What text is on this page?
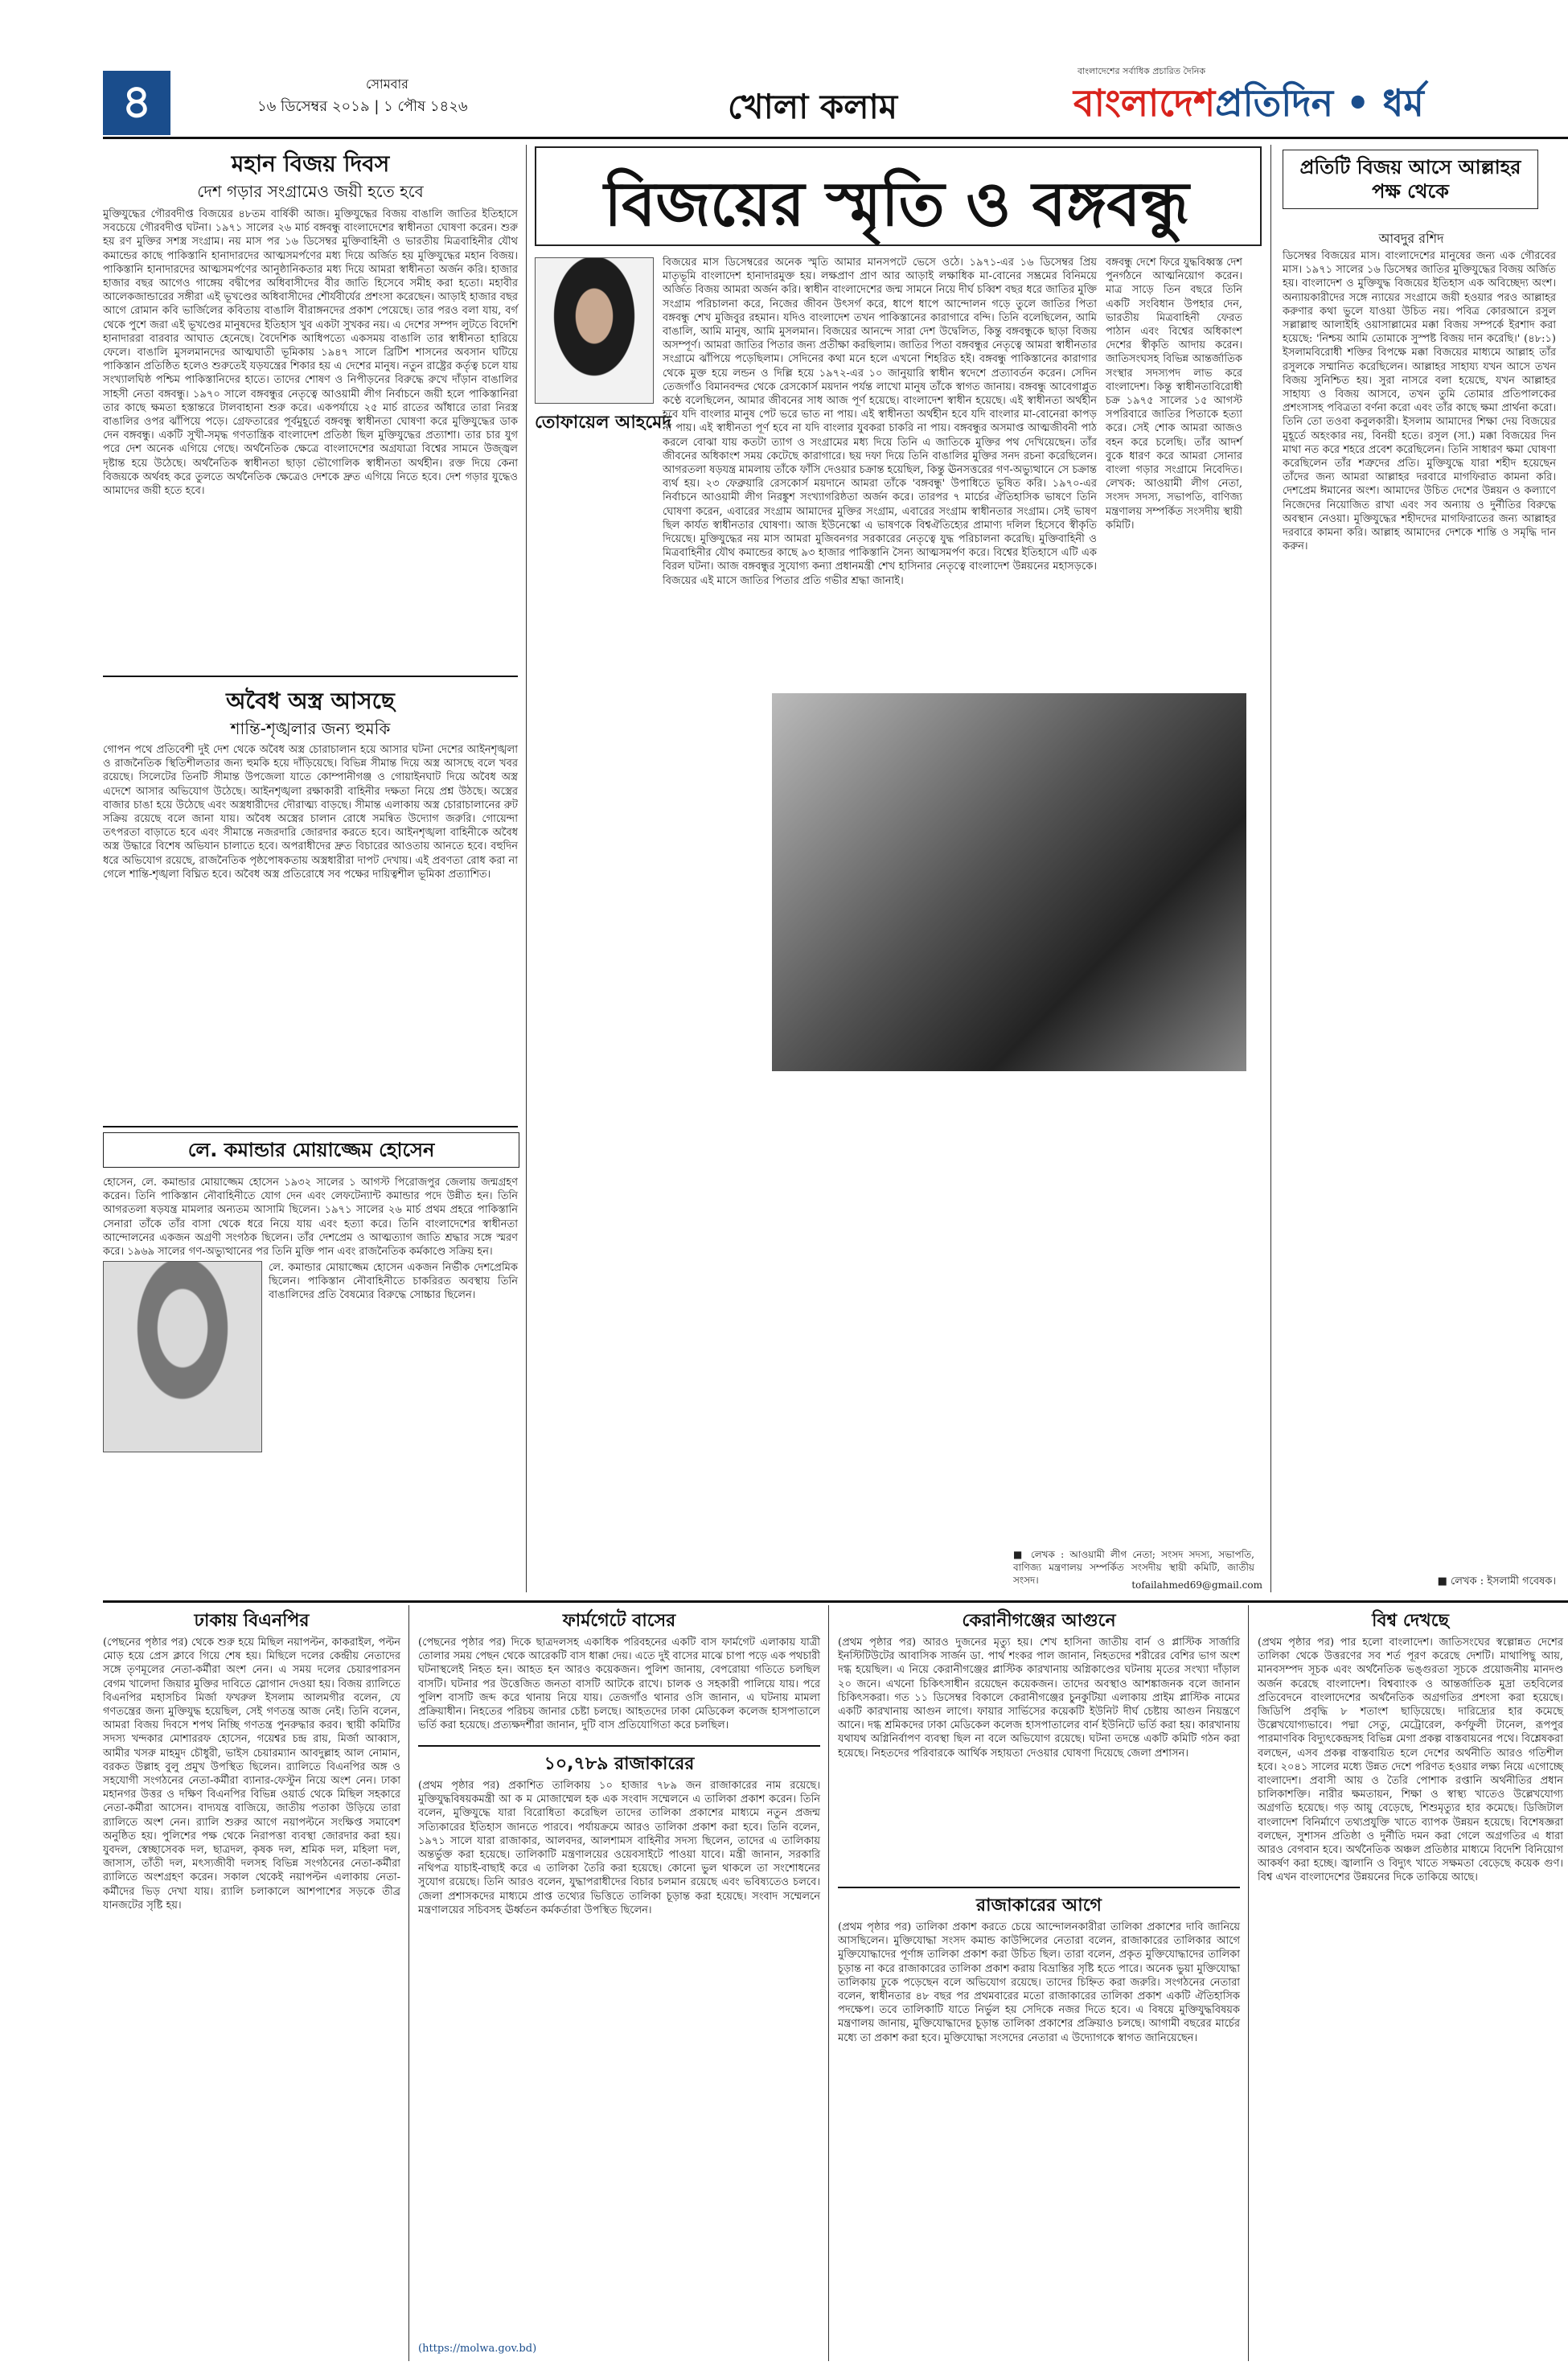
৪	সোমবার
১৬ ডিসেম্বর ২০১৯ | ১ পৌষ ১৪২৬	খোলা কলাম
বাংলাদেশের সর্বাধিক প্রচারিত দৈনিক
বাংলাদেশপ্রতিদিন • ধর্ম
মহান বিজয় দিবস
দেশ গড়ার সংগ্রামেও জয়ী হতে হবে
মুক্তিযুদ্ধের গৌরবদীপ্ত বিজয়ের ৪৮তম বার্ষিকী আজ। মুক্তিযুদ্ধের বিজয় বাঙালি জাতির ইতিহাসে সবচেয়ে গৌরবদীপ্ত ঘটনা। ১৯৭১ সালের ২৬ মার্চ বঙ্গবন্ধু বাংলাদেশের স্বাধীনতা ঘোষণা করেন। শুরু হয় রণ মুক্তির সশস্ত্র সংগ্রাম। নয় মাস পর ১৬ ডিসেম্বর মুক্তিবাহিনী ও ভারতীয় মিত্রবাহিনীর যৌথ কমান্ডের কাছে পাকিস্তানি হানাদারদের আত্মসমর্পণের মধ্য দিয়ে অর্জিত হয় মুক্তিযুদ্ধের মহান বিজয়। পাকিস্তানি হানাদারদের আত্মসমর্পণের আনুষ্ঠানিকতার মধ্য দিয়ে আমরা স্বাধীনতা অর্জন করি। হাজার হাজার বছর আগেও গাঙ্গেয় বদ্বীপের অধিবাসীদের বীর জাতি হিসেবে সমীহ করা হতো। মহাবীর আলেকজান্ডারের সঙ্গীরা এই ভূখণ্ডের অধিবাসীদের শৌর্যবীর্যের প্রশংসা করেছেন। আড়াই হাজার বছর আগে রোমান কবি ভার্জিলের কবিতায় বাঙালি বীরাঙ্গনদের প্রকাশ পেয়েছে। তার পরও বলা যায়, বর্গ থেকে পুশে জরা এই ভূখণ্ডের মানুষদের ইতিহাস খুব একটা সুখকর নয়। এ দেশের সম্পদ লুটতে বিদেশি হানাদাররা বারবার আঘাত হেনেছে। বৈদেশিক আধিপত্যে একসময় বাঙালি তার স্বাধীনতা হারিয়ে ফেলে। বাঙালি মুসলমানদের আত্মঘাতী ভূমিকায় ১৯৪৭ সালে ব্রিটিশ শাসনের অবসান ঘটিয়ে পাকিস্তান প্রতিষ্ঠিত হলেও শুরুতেই যড়যন্ত্রের শিকার হয় এ দেশের মানুষ। নতুন রাষ্ট্রের কর্তৃত্ব চলে যায় সংখ্যালঘিষ্ঠ পশ্চিম পাকিস্তানিদের হাতে। তাদের শোষণ ও নিপীড়নের বিরুদ্ধে রুখে দাঁড়ান বাঙালির সাহসী নেতা বঙ্গবন্ধু। ১৯৭০ সালে বঙ্গবন্ধুর নেতৃত্বে আওয়ামী লীগ নির্বাচনে জয়ী হলে পাকিস্তানিরা তার কাছে ক্ষমতা হস্তান্তরে টালবাহানা শুরু করে। একপর্যায়ে ২৫ মার্চ রাতের আঁধারে তারা নিরস্ত্র বাঙালির ওপর ঝাঁপিয়ে পড়ে। গ্রেফতারের পূর্বমুহূর্তে বঙ্গবন্ধু স্বাধীনতা ঘোষণা করে মুক্তিযুদ্ধের ডাক দেন বঙ্গবন্ধু। একটি সুখী-সমৃদ্ধ গণতান্ত্রিক বাংলাদেশ প্রতিষ্ঠা ছিল মুক্তিযুদ্ধের প্রত্যাশা। তার চার যুগ পরে দেশ অনেক এগিয়ে গেছে। অর্থনৈতিক ক্ষেত্রে বাংলাদেশের অগ্রযাত্রা বিশ্বের সামনে উজ্জ্বল দৃষ্টান্ত হয়ে উঠেছে। অর্থনৈতিক স্বাধীনতা ছাড়া ভৌগোলিক স্বাধীনতা অর্থহীন। রক্ত দিয়ে কেনা বিজয়কে অর্থবহ করে তুলতে অর্থনৈতিক ক্ষেত্রেও দেশকে দ্রুত এগিয়ে নিতে হবে। দেশ গড়ার যুদ্ধেও আমাদের জয়ী হতে হবে।
অবৈধ অস্ত্র আসছে
শান্তি-শৃঙ্খলার জন্য হুমকি
গোপন পথে প্রতিবেশী দুই দেশ থেকে অবৈধ অস্ত্র চোরাচালান হয়ে আসার ঘটনা দেশের আইনশৃঙ্খলা ও রাজনৈতিক স্থিতিশীলতার জন্য হুমকি হয়ে দাঁড়িয়েছে। বিভিন্ন সীমান্ত দিয়ে অস্ত্র আসছে বলে খবর রয়েছে। সিলেটের তিনটি সীমান্ত উপজেলা যাতে কোম্পানীগঞ্জ ও গোয়াইনঘাট দিয়ে অবৈধ অস্ত্র এদেশে আসার অভিযোগ উঠেছে। আইনশৃঙ্খলা রক্ষাকারী বাহিনীর দক্ষতা নিয়ে প্রশ্ন উঠছে। অস্ত্রের বাজার চাঙা হয়ে উঠেছে এবং অস্ত্রধারীদের দৌরাত্ম্য বাড়ছে। সীমান্ত এলাকায় অস্ত্র চোরাচালানের রুট সক্রিয় রয়েছে বলে জানা যায়। অবৈধ অস্ত্রের চালান রোধে সমন্বিত উদ্যোগ জরুরি। গোয়েন্দা তৎপরতা বাড়াতে হবে এবং সীমান্তে নজরদারি জোরদার করতে হবে। আইনশৃঙ্খলা বাহিনীকে অবৈধ অস্ত্র উদ্ধারে বিশেষ অভিযান চালাতে হবে। অপরাধীদের দ্রুত বিচারের আওতায় আনতে হবে। বহুদিন ধরে অভিযোগ রয়েছে, রাজনৈতিক পৃষ্ঠপোষকতায় অস্ত্রধারীরা দাপট দেখায়। এই প্রবণতা রোধ করা না গেলে শান্তি-শৃঙ্খলা বিঘ্নিত হবে। অবৈধ অস্ত্র প্রতিরোধে সব পক্ষের দায়িত্বশীল ভূমিকা প্রত্যাশিত।
লে. কমান্ডার মোয়াজ্জেম হোসেন
হোসেন, লে. কমান্ডার মোয়াজ্জেম হোসেন ১৯৩২ সালের ১ আগস্ট পিরোজপুর জেলায় জন্মগ্রহণ করেন। তিনি পাকিস্তান নৌবাহিনীতে যোগ দেন এবং লেফটেন্যান্ট কমান্ডার পদে উন্নীত হন। তিনি আগরতলা ষড়যন্ত্র মামলার অন্যতম আসামি ছিলেন। ১৯৭১ সালের ২৬ মার্চ প্রথম প্রহরে পাকিস্তানি সেনারা তাঁকে তাঁর বাসা থেকে ধরে নিয়ে যায় এবং হত্যা করে। তিনি বাংলাদেশের স্বাধীনতা আন্দোলনের একজন অগ্রণী সংগঠক ছিলেন। তাঁর দেশপ্রেম ও আত্মত্যাগ জাতি শ্রদ্ধার সঙ্গে স্মরণ করে। ১৯৬৯ সালের গণ-অভ্যুত্থানের পর তিনি মুক্তি পান এবং রাজনৈতিক কর্মকাণ্ডে সক্রিয় হন।
লে. কমান্ডার মোয়াজ্জেম হোসেন একজন নির্ভীক দেশপ্রেমিক ছিলেন। পাকিস্তান নৌবাহিনীতে চাকরিরত অবস্থায় তিনি বাঙালিদের প্রতি বৈষম্যের বিরুদ্ধে সোচ্চার ছিলেন।
বিজয়ের স্মৃতি ও বঙ্গবন্ধু
তোফায়েল আহমেদ
বিজয়ের মাস ডিসেম্বরের অনেক স্মৃতি আমার মানসপটে ভেসে ওঠে। ১৯৭১-এর ১৬ ডিসেম্বর প্রিয় মাতৃভূমি বাংলাদেশ হানাদারমুক্ত হয়। লক্ষপ্রাণ প্রাণ আর আড়াই লক্ষাধিক মা-বোনের সম্ভ্রমের বিনিময়ে অর্জিত বিজয় আমরা অর্জন করি। স্বাধীন বাংলাদেশের জন্ম সামনে নিয়ে দীর্ঘ চব্বিশ বছর ধরে জাতির মুক্তি সংগ্রাম পরিচালনা করে, নিজের জীবন উৎসর্গ করে, ধাপে ধাপে আন্দোলন গড়ে তুলে জাতির পিতা বঙ্গবন্ধু শেখ মুজিবুর রহমান। যদিও বাংলাদেশ তখন পাকিস্তানের কারাগারে বন্দি। তিনি বলেছিলেন, আমি বাঙালি, আমি মানুষ, আমি মুসলমান। বিজয়ের আনন্দে সারা দেশ উদ্বেলিত, কিন্তু বঙ্গবন্ধুকে ছাড়া বিজয় অসম্পূর্ণ। আমরা জাতির পিতার জন্য প্রতীক্ষা করছিলাম। জাতির পিতা বঙ্গবন্ধুর নেতৃত্বে আমরা স্বাধীনতার সংগ্রামে ঝাঁপিয়ে পড়েছিলাম। সেদিনের কথা মনে হলে এখনো শিহরিত হই। বঙ্গবন্ধু পাকিস্তানের কারাগার থেকে মুক্ত হয়ে লন্ডন ও দিল্লি হয়ে ১৯৭২-এর ১০ জানুয়ারি স্বাধীন স্বদেশে প্রত্যাবর্তন করেন। সেদিন তেজগাঁও বিমানবন্দর থেকে রেসকোর্স ময়দান পর্যন্ত লাখো মানুষ তাঁকে স্বাগত জানায়। বঙ্গবন্ধু আবেগাপ্লুত কণ্ঠে বলেছিলেন, আমার জীবনের সাধ আজ পূর্ণ হয়েছে। বাংলাদেশ স্বাধীন হয়েছে। এই স্বাধীনতা অর্থহীন হবে যদি বাংলার মানুষ পেট ভরে ভাত না পায়। এই স্বাধীনতা অর্থহীন হবে যদি বাংলার মা-বোনেরা কাপড় না পায়। এই স্বাধীনতা পূর্ণ হবে না যদি বাংলার যুবকরা চাকরি না পায়। বঙ্গবন্ধুর অসমাপ্ত আত্মজীবনী পাঠ করলে বোঝা যায় কতটা ত্যাগ ও সংগ্রামের মধ্য দিয়ে তিনি এ জাতিকে মুক্তির পথ দেখিয়েছেন। তাঁর জীবনের অধিকাংশ সময় কেটেছে কারাগারে। ছয় দফা দিয়ে তিনি বাঙালির মুক্তির সনদ রচনা করেছিলেন। আগরতলা ষড়যন্ত্র মামলায় তাঁকে ফাঁসি দেওয়ার চক্রান্ত হয়েছিল, কিন্তু ঊনসত্তরের গণ-অভ্যুত্থানে সে চক্রান্ত ব্যর্থ হয়। ২৩ ফেব্রুয়ারি রেসকোর্স ময়দানে আমরা তাঁকে 'বঙ্গবন্ধু' উপাধিতে ভূষিত করি। ১৯৭০-এর নির্বাচনে আওয়ামী লীগ নিরঙ্কুশ সংখ্যাগরিষ্ঠতা অর্জন করে। তারপর ৭ মার্চের ঐতিহাসিক ভাষণে তিনি ঘোষণা করেন, এবারের সংগ্রাম আমাদের মুক্তির সংগ্রাম, এবারের সংগ্রাম স্বাধীনতার সংগ্রাম। সেই ভাষণ ছিল কার্যত স্বাধীনতার ঘোষণা। আজ ইউনেস্কো এ ভাষণকে বিশ্বঐতিহ্যের প্রামাণ্য দলিল হিসেবে স্বীকৃতি দিয়েছে। মুক্তিযুদ্ধের নয় মাস আমরা মুজিবনগর সরকারের নেতৃত্বে যুদ্ধ পরিচালনা করেছি। মুক্তিবাহিনী ও মিত্রবাহিনীর যৌথ কমান্ডের কাছে ৯৩ হাজার পাকিস্তানি সৈন্য আত্মসমর্পণ করে। বিশ্বের ইতিহাসে এটি এক বিরল ঘটনা। আজ বঙ্গবন্ধুর সুযোগ্য কন্যা প্রধানমন্ত্রী শেখ হাসিনার নেতৃত্বে বাংলাদেশ উন্নয়নের মহাসড়কে। বিজয়ের এই মাসে জাতির পিতার প্রতি গভীর শ্রদ্ধা জানাই।
বঙ্গবন্ধু দেশে ফিরে যুদ্ধবিধ্বস্ত দেশ পুনর্গঠনে আত্মনিয়োগ করেন। মাত্র সাড়ে তিন বছরে তিনি একটি সংবিধান উপহার দেন, ভারতীয় মিত্রবাহিনী ফেরত পাঠান এবং বিশ্বের অধিকাংশ দেশের স্বীকৃতি আদায় করেন। জাতিসংঘসহ বিভিন্ন আন্তর্জাতিক সংস্থার সদস্যপদ লাভ করে বাংলাদেশ। কিন্তু স্বাধীনতাবিরোধী চক্র ১৯৭৫ সালের ১৫ আগস্ট সপরিবারে জাতির পিতাকে হত্যা করে। সেই শোক আমরা আজও বহন করে চলেছি। তাঁর আদর্শ বুকে ধারণ করে আমরা সোনার বাংলা গড়ার সংগ্রামে নিবেদিত। লেখক: আওয়ামী লীগ নেতা, সংসদ সদস্য, সভাপতি, বাণিজ্য মন্ত্রণালয় সম্পর্কিত সংসদীয় স্থায়ী কমিটি।
■ লেখক : আওয়ামী লীগ নেতা; সংসদ সদস্য, সভাপতি, বাণিজ্য মন্ত্রণালয় সম্পর্কিত সংসদীয় স্থায়ী কমিটি, জাতীয় সংসদ।	tofailahmed69@gmail.com
প্রতিটি বিজয় আসে আল্লাহর পক্ষ থেকে
আবদুর রশিদ
ডিসেম্বর বিজয়ের মাস। বাংলাদেশের মানুষের জন্য এক গৌরবের মাস। ১৯৭১ সালের ১৬ ডিসেম্বর জাতির মুক্তিযুদ্ধের বিজয় অর্জিত হয়। বাংলাদেশ ও মুক্তিযুদ্ধ বিজয়ের ইতিহাস এক অবিচ্ছেদ্য অংশ। অন্যায়কারীদের সঙ্গে ন্যায়ের সংগ্রামে জয়ী হওয়ার পরও আল্লাহর করুণার কথা ভুলে যাওয়া উচিত নয়। পবিত্র কোরআনে রসুল সল্লাল্লাহু আলাইহি ওয়াসাল্লামের মক্কা বিজয় সম্পর্কে ইরশাদ করা হয়েছে: 'নিশ্চয় আমি তোমাকে সুস্পষ্ট বিজয় দান করেছি।' (৪৮:১) ইসলামবিরোধী শক্তির বিপক্ষে মক্কা বিজয়ের মাধ্যমে আল্লাহ তাঁর রসুলকে সম্মানিত করেছিলেন। আল্লাহর সাহায্য যখন আসে তখন বিজয় সুনিশ্চিত হয়। সুরা নাসরে বলা হয়েছে, যখন আল্লাহর সাহায্য ও বিজয় আসবে, তখন তুমি তোমার প্রতিপালকের প্রশংসাসহ পবিত্রতা বর্ণনা করো এবং তাঁর কাছে ক্ষমা প্রার্থনা করো। তিনি তো তওবা কবুলকারী। ইসলাম আমাদের শিক্ষা দেয় বিজয়ের মুহূর্তে অহংকার নয়, বিনয়ী হতে। রসুল (সা.) মক্কা বিজয়ের দিন মাথা নত করে শহরে প্রবেশ করেছিলেন। তিনি সাধারণ ক্ষমা ঘোষণা করেছিলেন তাঁর শত্রুদের প্রতি। মুক্তিযুদ্ধে যারা শহীদ হয়েছেন তাঁদের জন্য আমরা আল্লাহর দরবারে মাগফিরাত কামনা করি। দেশপ্রেম ঈমানের অংশ। আমাদের উচিত দেশের উন্নয়ন ও কল্যাণে নিজেদের নিয়োজিত রাখা এবং সব অন্যায় ও দুর্নীতির বিরুদ্ধে অবস্থান নেওয়া। মুক্তিযুদ্ধের শহীদদের মাগফিরাতের জন্য আল্লাহর দরবারে কামনা করি। আল্লাহ আমাদের দেশকে শান্তি ও সমৃদ্ধি দান করুন।
■ লেখক : ইসলামী গবেষক।
ঢাকায় বিএনপির
(পেছনের পৃষ্ঠার পর) থেকে শুরু হয়ে মিছিল নয়াপল্টন, কাকরাইল, পল্টন মোড় হয়ে প্রেস ক্লাবে গিয়ে শেষ হয়। মিছিলে দলের কেন্দ্রীয় নেতাদের সঙ্গে তৃণমূলের নেতা-কর্মীরা অংশ নেন। এ সময় দলের চেয়ারপারসন বেগম খালেদা জিয়ার মুক্তির দাবিতে স্লোগান দেওয়া হয়। বিজয় র‍্যালিতে বিএনপির মহাসচিব মির্জা ফখরুল ইসলাম আলমগীর বলেন, যে গণতন্ত্রের জন্য মুক্তিযুদ্ধ হয়েছিল, সেই গণতন্ত্র আজ নেই। তিনি বলেন, আমরা বিজয় দিবসে শপথ নিচ্ছি গণতন্ত্র পুনরুদ্ধার করব। স্থায়ী কমিটির সদস্য খন্দকার মোশাররফ হোসেন, গয়েশ্বর চন্দ্র রায়, মির্জা আব্বাস, আমীর খসরু মাহমুদ চৌধুরী, ভাইস চেয়ারম্যান আবদুল্লাহ আল নোমান, বরকত উল্লাহ বুলু প্রমুখ উপস্থিত ছিলেন। র‍্যালিতে বিএনপির অঙ্গ ও সহযোগী সংগঠনের নেতা-কর্মীরা ব্যানার-ফেস্টুন নিয়ে অংশ নেন। ঢাকা মহানগর উত্তর ও দক্ষিণ বিএনপির বিভিন্ন ওয়ার্ড থেকে মিছিল সহকারে নেতা-কর্মীরা আসেন। বাদ্যযন্ত্র বাজিয়ে, জাতীয় পতাকা উড়িয়ে তারা র‍্যালিতে অংশ নেন। র‍্যালি শুরুর আগে নয়াপল্টনে সংক্ষিপ্ত সমাবেশ অনুষ্ঠিত হয়। পুলিশের পক্ষ থেকে নিরাপত্তা ব্যবস্থা জোরদার করা হয়। যুবদল, স্বেচ্ছাসেবক দল, ছাত্রদল, কৃষক দল, শ্রমিক দল, মহিলা দল, জাসাস, তাঁতী দল, মৎস্যজীবী দলসহ বিভিন্ন সংগঠনের নেতা-কর্মীরা র‍্যালিতে অংশগ্রহণ করেন। সকাল থেকেই নয়াপল্টন এলাকায় নেতা-কর্মীদের ভিড় দেখা যায়। র‍্যালি চলাকালে আশপাশের সড়কে তীব্র যানজটের সৃষ্টি হয়।
ফার্মগেটে বাসের
(পেছনের পৃষ্ঠার পর) দিকে ছাত্রদলসহ একাধিক পরিবহনের একটি বাস ফার্মগেট এলাকায় যাত্রী তোলার সময় পেছন থেকে আরেকটি বাস ধাক্কা দেয়। এতে দুই বাসের মাঝে চাপা পড়ে এক পথচারী ঘটনাস্থলেই নিহত হন। আহত হন আরও কয়েকজন। পুলিশ জানায়, বেপরোয়া গতিতে চলছিল বাসটি। ঘটনার পর উত্তেজিত জনতা বাসটি আটকে রাখে। চালক ও সহকারী পালিয়ে যায়। পরে পুলিশ বাসটি জব্দ করে থানায় নিয়ে যায়। তেজগাঁও থানার ওসি জানান, এ ঘটনায় মামলা প্রক্রিয়াধীন। নিহতের পরিচয় জানার চেষ্টা চলছে। আহতদের ঢাকা মেডিকেল কলেজ হাসপাতালে ভর্তি করা হয়েছে। প্রত্যক্ষদর্শীরা জানান, দুটি বাস প্রতিযোগিতা করে চলছিল।
১০,৭৮৯ রাজাকারের
(প্রথম পৃষ্ঠার পর) প্রকাশিত তালিকায় ১০ হাজার ৭৮৯ জন রাজাকারের নাম রয়েছে। মুক্তিযুদ্ধবিষয়কমন্ত্রী আ ক ম মোজাম্মেল হক এক সংবাদ সম্মেলনে এ তালিকা প্রকাশ করেন। তিনি বলেন, মুক্তিযুদ্ধে যারা বিরোধিতা করেছিল তাদের তালিকা প্রকাশের মাধ্যমে নতুন প্রজন্ম সত্যিকারের ইতিহাস জানতে পারবে। পর্যায়ক্রমে আরও তালিকা প্রকাশ করা হবে। তিনি বলেন, ১৯৭১ সালে যারা রাজাকার, আলবদর, আলশামস বাহিনীর সদস্য ছিলেন, তাদের এ তালিকায় অন্তর্ভুক্ত করা হয়েছে। তালিকাটি মন্ত্রণালয়ের ওয়েবসাইটে পাওয়া যাবে। মন্ত্রী জানান, সরকারি নথিপত্র যাচাই-বাছাই করে এ তালিকা তৈরি করা হয়েছে। কোনো ভুল থাকলে তা সংশোধনের সুযোগ রয়েছে। তিনি আরও বলেন, যুদ্ধাপরাধীদের বিচার চলমান রয়েছে এবং ভবিষ্যতেও চলবে। জেলা প্রশাসকদের মাধ্যমে প্রাপ্ত তথ্যের ভিত্তিতে তালিকা চূড়ান্ত করা হয়েছে। সংবাদ সম্মেলনে মন্ত্রণালয়ের সচিবসহ ঊর্ধ্বতন কর্মকর্তারা উপস্থিত ছিলেন।
(https://molwa.gov.bd)
কেরানীগঞ্জের আগুনে
(প্রথম পৃষ্ঠার পর) আরও দুজনের মৃত্যু হয়। শেখ হাসিনা জাতীয় বার্ন ও প্লাস্টিক সার্জারি ইনস্টিটিউটের আবাসিক সার্জন ডা. পার্থ শংকর পাল জানান, নিহতদের শরীরের বেশির ভাগ অংশ দগ্ধ হয়েছিল। এ নিয়ে কেরানীগঞ্জের প্লাস্টিক কারখানায় অগ্নিকাণ্ডের ঘটনায় মৃতের সংখ্যা দাঁড়াল ২০ জনে। এখনো চিকিৎসাধীন রয়েছেন কয়েকজন। তাদের অবস্থাও আশঙ্কাজনক বলে জানান চিকিৎসকরা। গত ১১ ডিসেম্বর বিকালে কেরানীগঞ্জের চুনকুটিয়া এলাকায় প্রাইম প্লাস্টিক নামের একটি কারখানায় আগুন লাগে। ফায়ার সার্ভিসের কয়েকটি ইউনিট দীর্ঘ চেষ্টায় আগুন নিয়ন্ত্রণে আনে। দগ্ধ শ্রমিকদের ঢাকা মেডিকেল কলেজ হাসপাতালের বার্ন ইউনিটে ভর্তি করা হয়। কারখানায় যথাযথ অগ্নিনির্বাপণ ব্যবস্থা ছিল না বলে অভিযোগ রয়েছে। ঘটনা তদন্তে একটি কমিটি গঠন করা হয়েছে। নিহতদের পরিবারকে আর্থিক সহায়তা দেওয়ার ঘোষণা দিয়েছে জেলা প্রশাসন।
রাজাকারের আগে
(প্রথম পৃষ্ঠার পর) তালিকা প্রকাশ করতে চেয়ে আন্দোলনকারীরা তালিকা প্রকাশের দাবি জানিয়ে আসছিলেন। মুক্তিযোদ্ধা সংসদ কমান্ড কাউন্সিলের নেতারা বলেন, রাজাকারের তালিকার আগে মুক্তিযোদ্ধাদের পূর্ণাঙ্গ তালিকা প্রকাশ করা উচিত ছিল। তারা বলেন, প্রকৃত মুক্তিযোদ্ধাদের তালিকা চূড়ান্ত না করে রাজাকারের তালিকা প্রকাশ করায় বিভ্রান্তির সৃষ্টি হতে পারে। অনেক ভুয়া মুক্তিযোদ্ধা তালিকায় ঢুকে পড়েছেন বলে অভিযোগ রয়েছে। তাদের চিহ্নিত করা জরুরি। সংগঠনের নেতারা বলেন, স্বাধীনতার ৪৮ বছর পর প্রথমবারের মতো রাজাকারের তালিকা প্রকাশ একটি ঐতিহাসিক পদক্ষেপ। তবে তালিকাটি যাতে নির্ভুল হয় সেদিকে নজর দিতে হবে। এ বিষয়ে মুক্তিযুদ্ধবিষয়ক মন্ত্রণালয় জানায়, মুক্তিযোদ্ধাদের চূড়ান্ত তালিকা প্রকাশের প্রক্রিয়াও চলছে। আগামী বছরের মার্চের মধ্যে তা প্রকাশ করা হবে। মুক্তিযোদ্ধা সংসদের নেতারা এ উদ্যোগকে স্বাগত জানিয়েছেন।
বিশ্ব দেখছে
(প্রথম পৃষ্ঠার পর) পার হলো বাংলাদেশ। জাতিসংঘের স্বল্পোন্নত দেশের তালিকা থেকে উত্তরণের সব শর্ত পূরণ করেছে দেশটি। মাথাপিছু আয়, মানবসম্পদ সূচক এবং অর্থনৈতিক ভঙ্গুরতা সূচকে প্রয়োজনীয় মানদণ্ড অর্জন করেছে বাংলাদেশ। বিশ্বব্যাংক ও আন্তর্জাতিক মুদ্রা তহবিলের প্রতিবেদনে বাংলাদেশের অর্থনৈতিক অগ্রগতির প্রশংসা করা হয়েছে। জিডিপি প্রবৃদ্ধি ৮ শতাংশ ছাড়িয়েছে। দারিদ্র্যের হার কমেছে উল্লেখযোগ্যভাবে। পদ্মা সেতু, মেট্রোরেল, কর্ণফুলী টানেল, রূপপুর পারমাণবিক বিদ্যুৎকেন্দ্রসহ বিভিন্ন মেগা প্রকল্প বাস্তবায়নের পথে। বিশ্লেষকরা বলছেন, এসব প্রকল্প বাস্তবায়িত হলে দেশের অর্থনীতি আরও গতিশীল হবে। ২০৪১ সালের মধ্যে উন্নত দেশে পরিণত হওয়ার লক্ষ্য নিয়ে এগোচ্ছে বাংলাদেশ। প্রবাসী আয় ও তৈরি পোশাক রপ্তানি অর্থনীতির প্রধান চালিকাশক্তি। নারীর ক্ষমতায়ন, শিক্ষা ও স্বাস্থ্য খাতেও উল্লেখযোগ্য অগ্রগতি হয়েছে। গড় আয়ু বেড়েছে, শিশুমৃত্যুর হার কমেছে। ডিজিটাল বাংলাদেশ বিনির্মাণে তথ্যপ্রযুক্তি খাতে ব্যাপক উন্নয়ন হয়েছে। বিশেষজ্ঞরা বলছেন, সুশাসন প্রতিষ্ঠা ও দুর্নীতি দমন করা গেলে অগ্রগতির এ ধারা আরও বেগবান হবে। অর্থনৈতিক অঞ্চল প্রতিষ্ঠার মাধ্যমে বিদেশি বিনিয়োগ আকর্ষণ করা হচ্ছে। জ্বালানি ও বিদ্যুৎ খাতে সক্ষমতা বেড়েছে কয়েক গুণ। বিশ্ব এখন বাংলাদেশের উন্নয়নের দিকে তাকিয়ে আছে।
